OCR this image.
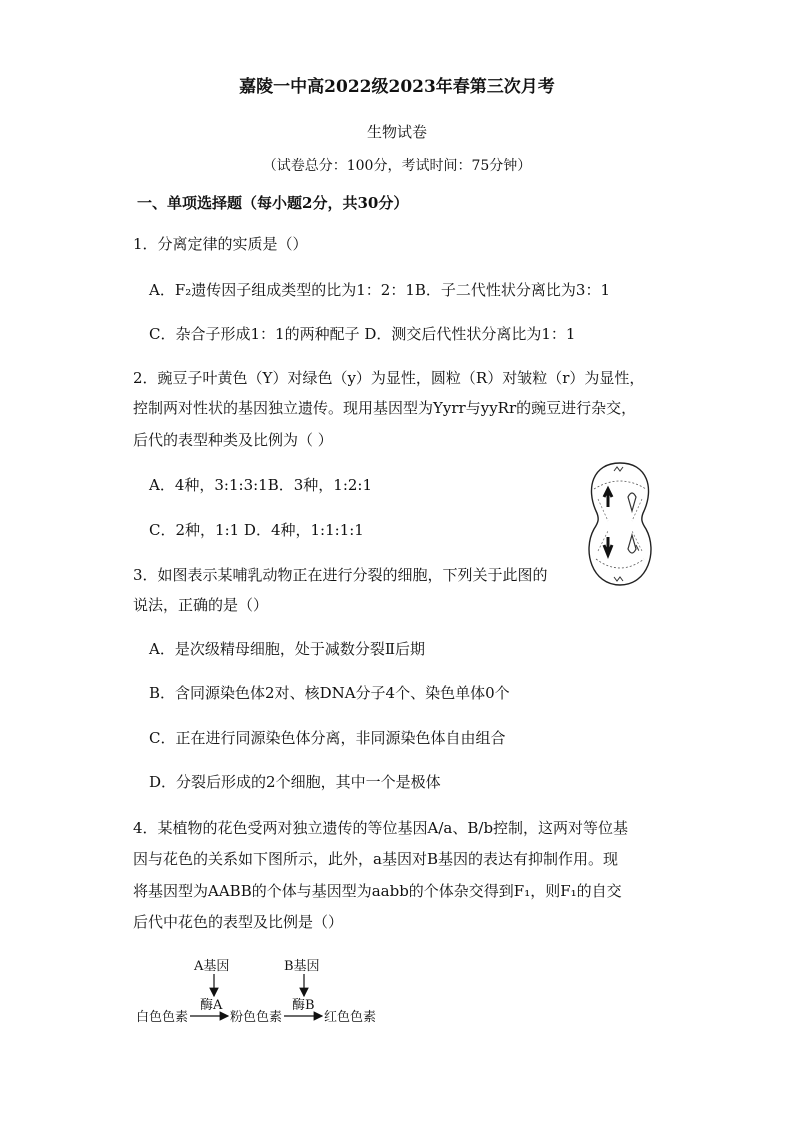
嘉陵一中高2022级2023年春第三次月考
生物试卷
（试卷总分：100分，考试时间：75分钟）
一、单项选择题（每小题2分，共30分）
1．分离定律的实质是（）
A．F₂遗传因子组成类型的比为1：2：1B．子二代性状分离比为3：1
C．杂合子形成1：1的两种配子 D．测交后代性状分离比为1：1
2．豌豆子叶黄色（Y）对绿色（y）为显性，圆粒（R）对皱粒（r）为显性，
控制两对性状的基因独立遗传。现用基因型为Yyrr与yyRr的豌豆进行杂交，
后代的表型种类及比例为（ ）
A．4种，3:1:3:1B．3种，1:2:1
C．2种，1:1 D．4种，1:1:1:1
3．如图表示某哺乳动物正在进行分裂的细胞，下列关于此图的
说法，正确的是（）
A．是次级精母细胞，处于减数分裂Ⅱ后期
B．含同源染色体2对、核DNA分子4个、染色单体0个
C．正在进行同源染色体分离，非同源染色体自由组合
D．分裂后形成的2个细胞，其中一个是极体
4．某植物的花色受两对独立遗传的等位基因A/a、B/b控制，这两对等位基
因与花色的关系如下图所示，此外，a基因对B基因的表达有抑制作用。现
将基因型为AABB的个体与基因型为aabb的个体杂交得到F₁，则F₁的自交
后代中花色的表型及比例是（）
A基因	B基因
酶A	酶B
白色色素	粉色色素	红色色素
